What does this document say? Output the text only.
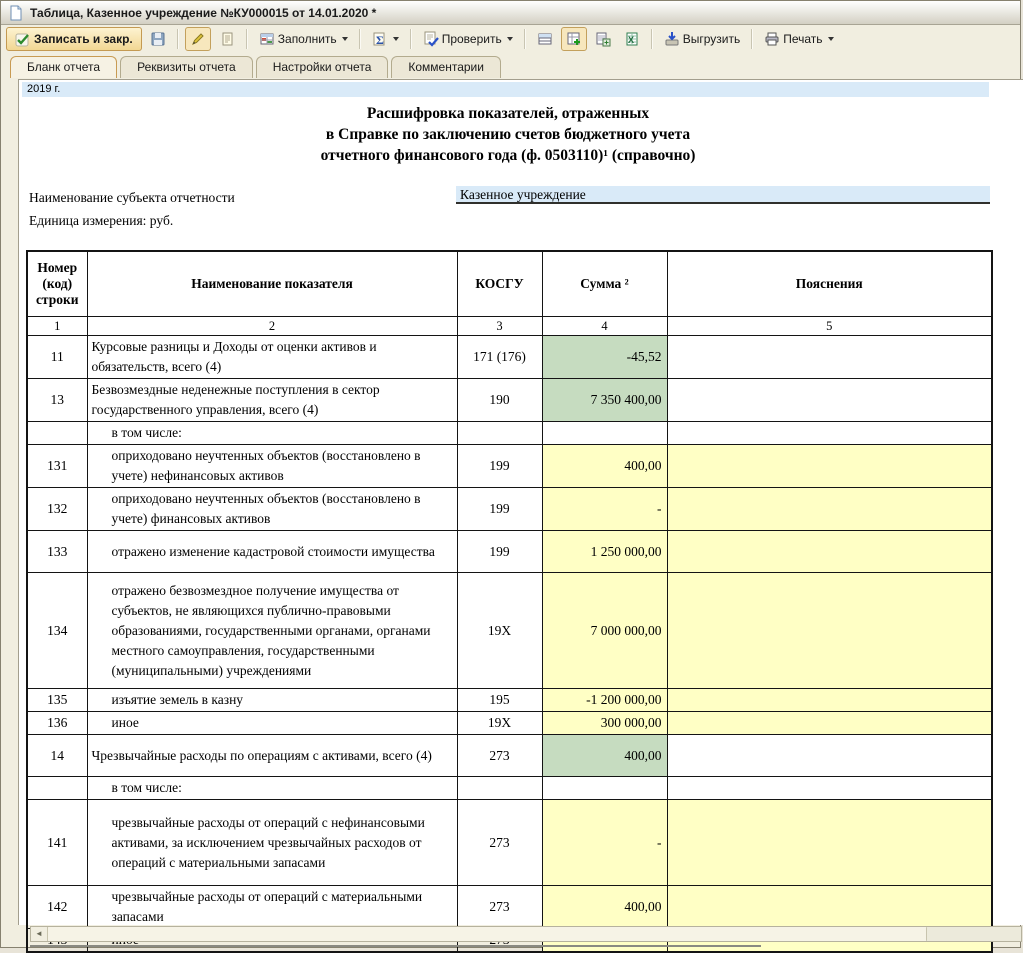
Таблица, Казенное учреждение №КУ000015 от 14.01.2020 *
Записать и закр.	Заполнить	Σ	Проверить	X	Выгрузить	Печать
Бланк отчета	Реквизиты отчета	Настройки отчета	Комментарии
2019 г.
Расшифровка показателей, отраженных
в Справке по заключению счетов бюджетного учета
отчетного финансового года (ф. 0503110)¹ (справочно)
Наименование субъекта отчетности	Казенное учреждение
Единица измерения: руб.
Номер (код) строки	Наименование показателя	КОСГУ	Сумма ²	Пояснения
1	2	3	4	5
11	Курсовые разницы и Доходы от оценки активов и обязательств, всего (4)	171 (176)	-45,52	
13	Безвозмездные неденежные поступления в сектор государственного управления, всего (4)	190	7 350 400,00	
	в том числе:			
131	оприходовано неучтенных объектов (восстановлено в учете) нефинансовых активов	199	400,00	
132	оприходовано неучтенных объектов (восстановлено в учете) финансовых активов	199	-	
133	отражено изменение кадастровой стоимости имущества	199	1 250 000,00	
134	отражено безвозмездное получение имущества от субъектов, не являющихся публично-правовыми образованиями, государственными органами, органами местного самоуправления, государственными (муниципальными) учреждениями	19X	7 000 000,00	
135	изъятие земель в казну	195	-1 200 000,00	
136	иное	19X	300 000,00	
14	Чрезвычайные расходы по операциям с активами, всего (4)	273	400,00	
	в том числе:			
141	чрезвычайные расходы от операций с нефинансовыми активами, за исключением чрезвычайных расходов от операций с материальными запасами	273	-	
142	чрезвычайные расходы от операций с материальными запасами	273	400,00	

◄
